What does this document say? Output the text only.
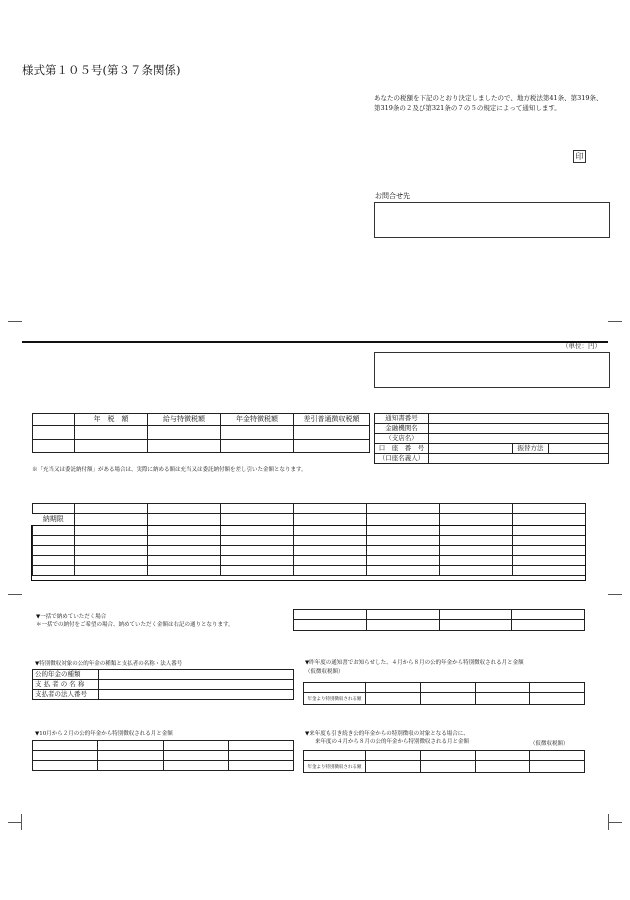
様式第１０５号(第３７条関係)
あなたの税額を下記のとおり決定しましたので、地方税法第41条、第319条、
第319条の２及び第321条の７の５の規定によって通知します。
印
お問合せ先
（単位：円）
	年　税　額	給与特徴税額	年金特徴税額	差引普通徴収税額

					通知書番号			
金融機関名			
（支店名）			
口　座　番　号		振替方法	
（口座名義人）			
※「充当又は委託納付額」がある場合は、実際に納める額は充当又は委託納付額を差し引いた金額となります。

納期限							

▼一括で納めていただく場合
＊一括での納付をご希望の場合、納めていただく金額は右記の通りとなります。

▼特別徴収対象の公的年金の種類と支払者の名称・法人番号
公的年金の種類	
支 払 者 の 名 称	
支払者の法人番号	
▼昨年度の通知書でお知らせした、４月から８月の公的年金から特別徴収される月と金額
（仮徴収税額）

年金より特別徴収される額				
▼10月から２月の公的年金から特別徴収される月と金額

				▼来年度も引き続き公的年金からの特別徴収の対象となる場合に、
来年度の４月から８月の公的年金から特別徴収される月と金額	（仮徴収税額）

年金より特別徴収される額				
